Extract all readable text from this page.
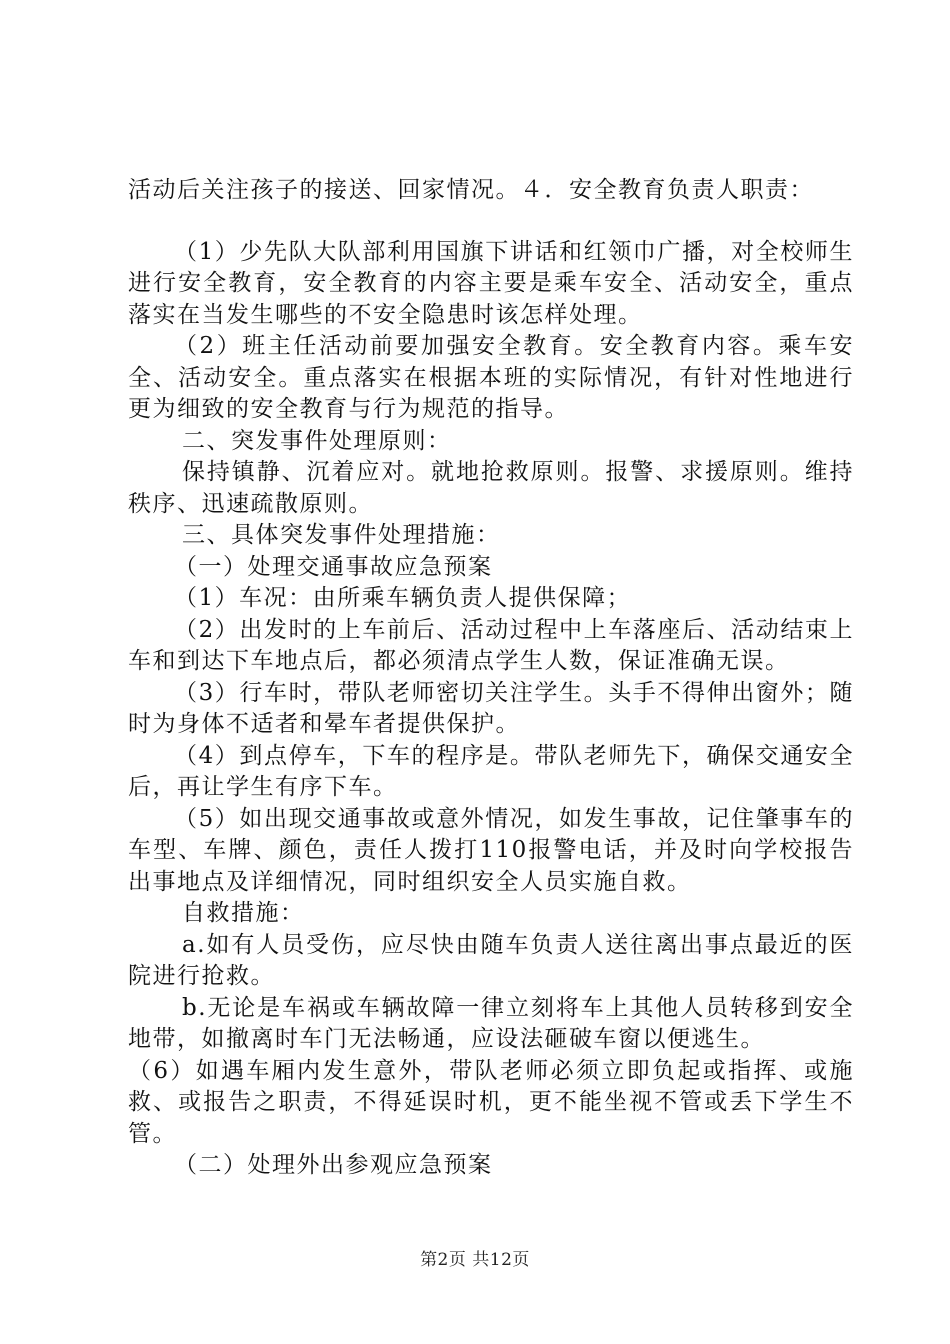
活动后关注孩子的接送、回家情况。４．安全教育负责人职责：

（1）少先队大队部利用国旗下讲话和红领巾广播，对全校师生进行安全教育，安全教育的内容主要是乘车安全、活动安全，重点落实在当发生哪些的不安全隐患时该怎样处理。

（2）班主任活动前要加强安全教育。安全教育内容。乘车安全、活动安全。重点落实在根据本班的实际情况，有针对性地进行更为细致的安全教育与行为规范的指导。

二、突发事件处理原则：

保持镇静、沉着应对。就地抢救原则。报警、求援原则。维持秩序、迅速疏散原则。

三、具体突发事件处理措施：

（一）处理交通事故应急预案

（1）车况：由所乘车辆负责人提供保障；

（2）出发时的上车前后、活动过程中上车落座后、活动结束上车和到达下车地点后，都必须清点学生人数，保证准确无误。

（3）行车时，带队老师密切关注学生。头手不得伸出窗外；随时为身体不适者和晕车者提供保护。

（4）到点停车，下车的程序是。带队老师先下，确保交通安全后，再让学生有序下车。

（5）如出现交通事故或意外情况，如发生事故，记住肇事车的车型、车牌、颜色，责任人拨打110报警电话，并及时向学校报告出事地点及详细情况，同时组织安全人员实施自救。

自救措施：

a.如有人员受伤，应尽快由随车负责人送往离出事点最近的医院进行抢救。

b.无论是车祸或车辆故障一律立刻将车上其他人员转移到安全地带，如撤离时车门无法畅通，应设法砸破车窗以便逃生。

（6）如遇车厢内发生意外，带队老师必须立即负起或指挥、或施救、或报告之职责，不得延误时机，更不能坐视不管或丢下学生不管。

（二）处理外出参观应急预案

第2页 共12页
